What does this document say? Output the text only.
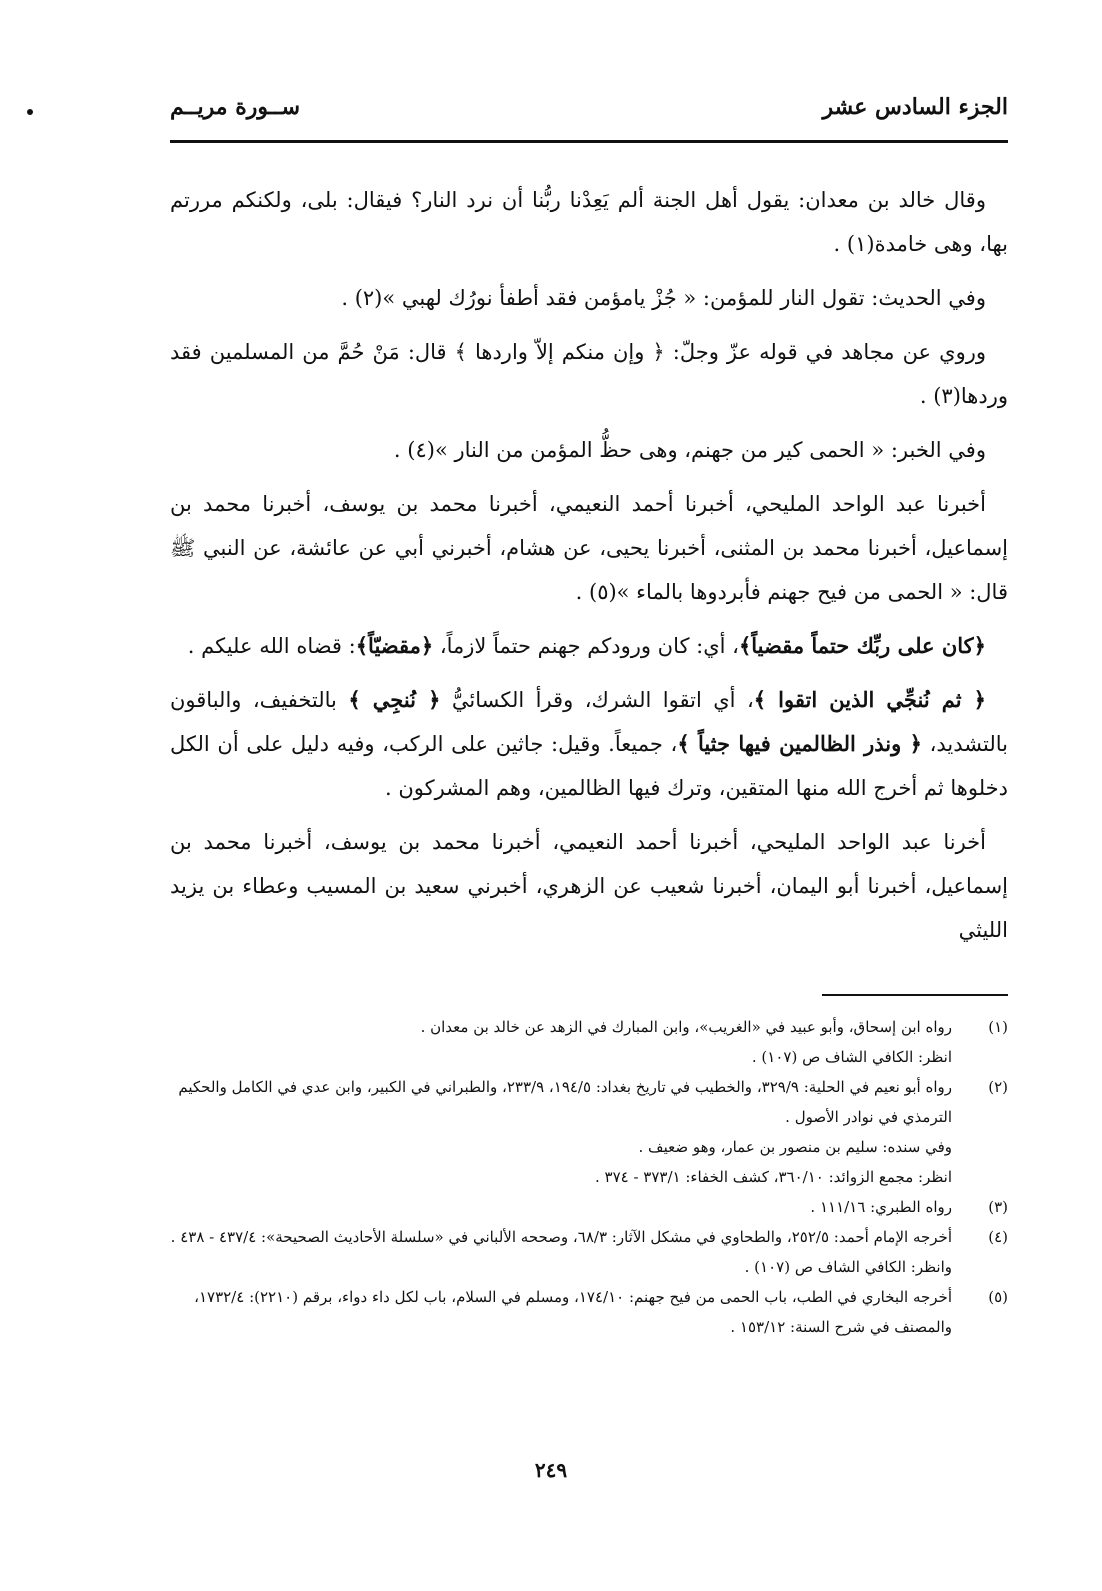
الجزء السادس عشر
ســورة مريــم

وقال خالد بن معدان: يقول أهل الجنة ألم يَعِدْنا ربُّنا أن نرد النار؟ فيقال: بلى، ولكنكم مررتم بها، وهى خامدة(١) .

وفي الحديث: تقول النار للمؤمن: « جُزْ يامؤمن فقد أطفأ نورُك لهبي »(٢) .

وروي عن مجاهد في قوله عزّ وجلّ: ﴿ وإن منكم إلاّ واردها ﴾ قال: مَنْ حُمَّ من المسلمين فقد وردها(٣) .

وفي الخبر: « الحمى كير من جهنم، وهى حظُّ المؤمن من النار »(٤) .

أخبرنا عبد الواحد المليحي، أخبرنا أحمد النعيمي، أخبرنا محمد بن يوسف، أخبرنا محمد بن إسماعيل، أخبرنا محمد بن المثنى، أخبرنا يحيى، عن هشام، أخبرني أبي عن عائشة، عن النبي ﷺ قال: « الحمى من فيح جهنم فأبردوها بالماء »(٥) .

﴿كان على ربِّك حتماً مقضياً﴾، أي: كان ورودكم جهنم حتماً لازماً، ﴿مقضيّاً﴾: قضاه الله عليكم .

﴿ ثم نُنجِّي الذين اتقوا ﴾، أي اتقوا الشرك، وقرأ الكسائيُّ ﴿ نُنجِي ﴾ بالتخفيف، والباقون بالتشديد، ﴿ ونذر الظالمين فيها جثياً ﴾، جميعاً. وقيل: جاثين على الركب، وفيه دليل على أن الكل دخلوها ثم أخرج الله منها المتقين، وترك فيها الظالمين، وهم المشركون .

أخرنا عبد الواحد المليحي، أخبرنا أحمد النعيمي، أخبرنا محمد بن يوسف، أخبرنا محمد بن إسماعيل، أخبرنا أبو اليمان، أخبرنا شعيب عن الزهري، أخبرني سعيد بن المسيب وعطاء بن يزيد الليثي

(١)
رواه ابن إسحاق، وأبو عبيد في «الغريب»، وابن المبارك في الزهد عن خالد بن معدان .
انظر: الكافي الشاف ص (١٠٧) .
(٢)
رواه أبو نعيم في الحلية: ٣٢٩/٩، والخطيب في تاريخ بغداد: ١٩٤/٥، ٢٣٣/٩، والطبراني في الكبير، وابن عدي في الكامل والحكيم الترمذي في نوادر الأصول .
وفي سنده: سليم بن منصور بن عمار، وهو ضعيف .
انظر: مجمع الزوائد: ٣٦٠/١٠، كشف الخفاء: ٣٧٣/١ - ٣٧٤ .
(٣)
رواه الطبري: ١١١/١٦ .
(٤)
أخرجه الإمام أحمد: ٢٥٢/٥، والطحاوي في مشكل الآثار: ٦٨/٣، وصححه الألباني في «سلسلة الأحاديث الصحيحة»: ٤٣٧/٤ - ٤٣٨ .
وانظر: الكافي الشاف ص (١٠٧) .
(٥)
أخرجه البخاري في الطب، باب الحمى من فيح جهنم: ١٧٤/١٠، ومسلم في السلام، باب لكل داء دواء، برقم (٢٢١٠): ١٧٣٢/٤، والمصنف في شرح السنة: ١٥٣/١٢ .
٢٤٩
